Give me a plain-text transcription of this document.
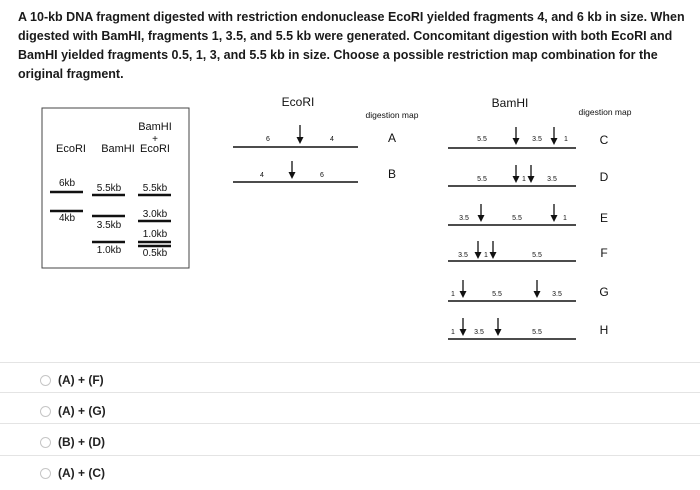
A 10-kb DNA fragment digested with restriction endonuclease EcoRI yielded fragments 4, and 6 kb in size. When digested with BamHI, fragments 1, 3.5, and 5.5 kb were generated. Concomitant digestion with both EcoRI and BamHI yielded fragments 0.5, 1, 3, and 5.5 kb in size. Choose a possible restriction map combination for the original fragment.
BamHI
+
EcoRI BamHI EcoRI
6kb
4kb
5.5kb
3.5kb
1.0kb
5.5kb
3.0kb
1.0kb
0.5kb
EcoRI
digestion map
BamHI
digestion map
6	4	A
4	6	B
5.5	3.5	1	C
5.5	1	3.5	D
3.5	5.5	1	E
3.5 1	5.5	F
1	5.5	3.5	G
1	3.5	5.5	H
(A) + (F)
(A) + (G)
(B) + (D)
(A) + (C)
